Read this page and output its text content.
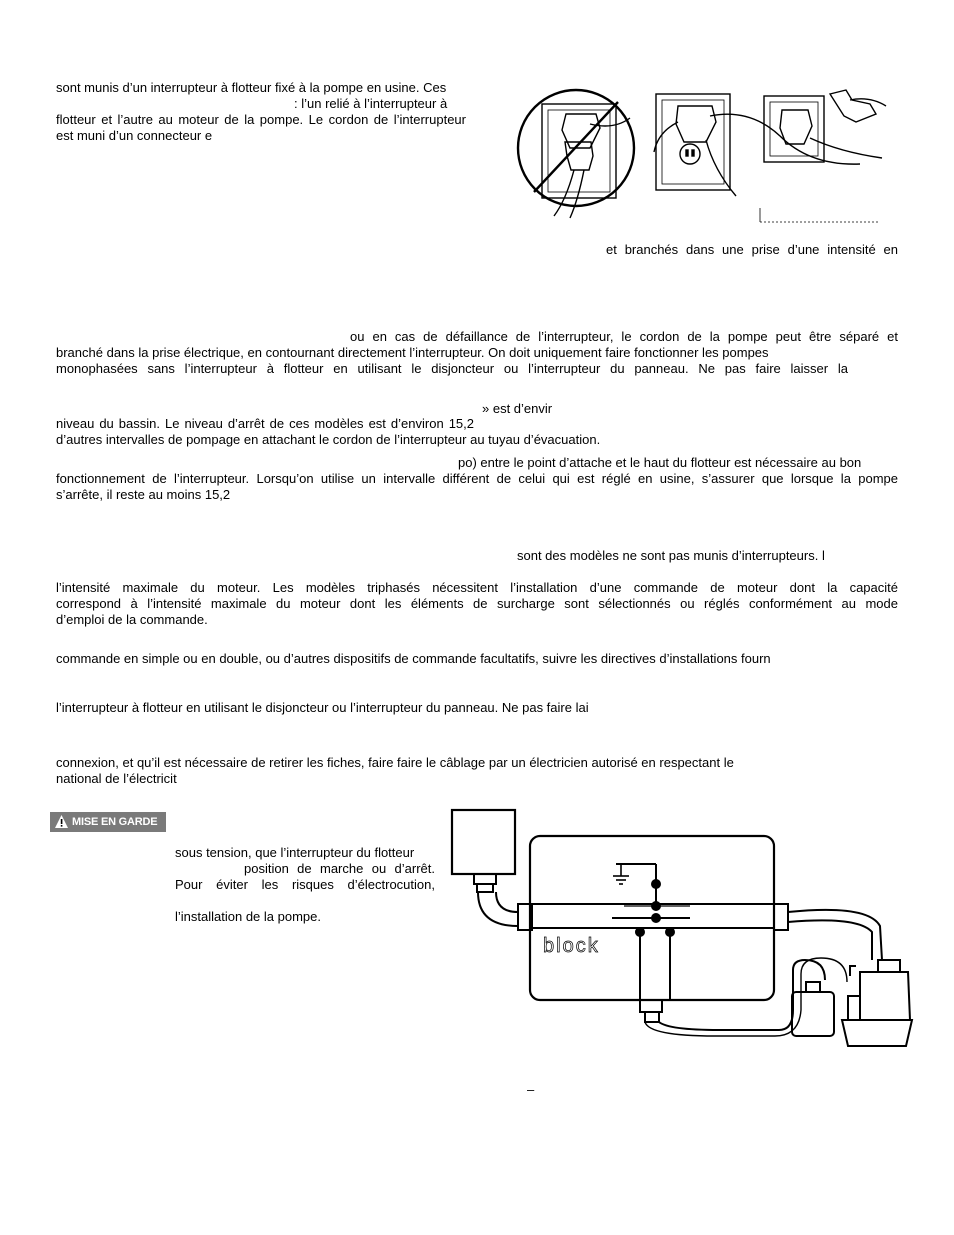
sont munis d’un interrupteur à flotteur fixé à la pompe en usine. Ces

: l’un relié à l’interrupteur à

flotteur et l’autre au moteur de la pompe. Le cordon de l’interrupteur

est muni d’un connecteur e

et branchés dans une prise d’une intensité en

ou en cas de défaillance de l’interrupteur, le cordon de la pompe peut être séparé et

branché dans la prise électrique, en contournant directement l’interrupteur. On doit uniquement faire fonctionner les pompes

monophasées sans l’interrupteur à flotteur en utilisant le disjoncteur ou l’interrupteur du panneau. Ne pas faire laisser la

» est d’envir

niveau du bassin. Le niveau d’arrêt de ces modèles est d’environ 15,2

d’autres intervalles de pompage en attachant le cordon de l’interrupteur au tuyau d’évacuation.

po) entre le point d’attache et le haut du flotteur est nécessaire au bon

fonctionnement de l’interrupteur. Lorsqu’on utilise un intervalle différent de celui qui est réglé en usine, s’assurer que lorsque la pompe

s’arrête, il reste au moins 15,2

sont des modèles ne sont pas munis d’interrupteurs. l

l’intensité maximale du moteur. Les modèles triphasés nécessitent l’installation d’une commande de moteur dont la capacité

correspond à l’intensité maximale du moteur dont les éléments de surcharge sont sélectionnés ou réglés conformément au mode

d’emploi de la commande.

commande en simple ou en double, ou d’autres dispositifs de commande facultatifs, suivre les directives d’installations fourn

l’interrupteur à flotteur en utilisant le disjoncteur ou l’interrupteur du panneau. Ne pas faire lai

connexion, et qu’il est nécessaire de retirer les fiches, faire faire le câblage par un électricien autorisé en respectant le

national de l’électricit

MISE EN GARDE

sous tension, que l’interrupteur du flotteur

position de marche ou d’arrêt.

Pour éviter les risques d’électrocution,

l’installation de la pompe.

block

–
